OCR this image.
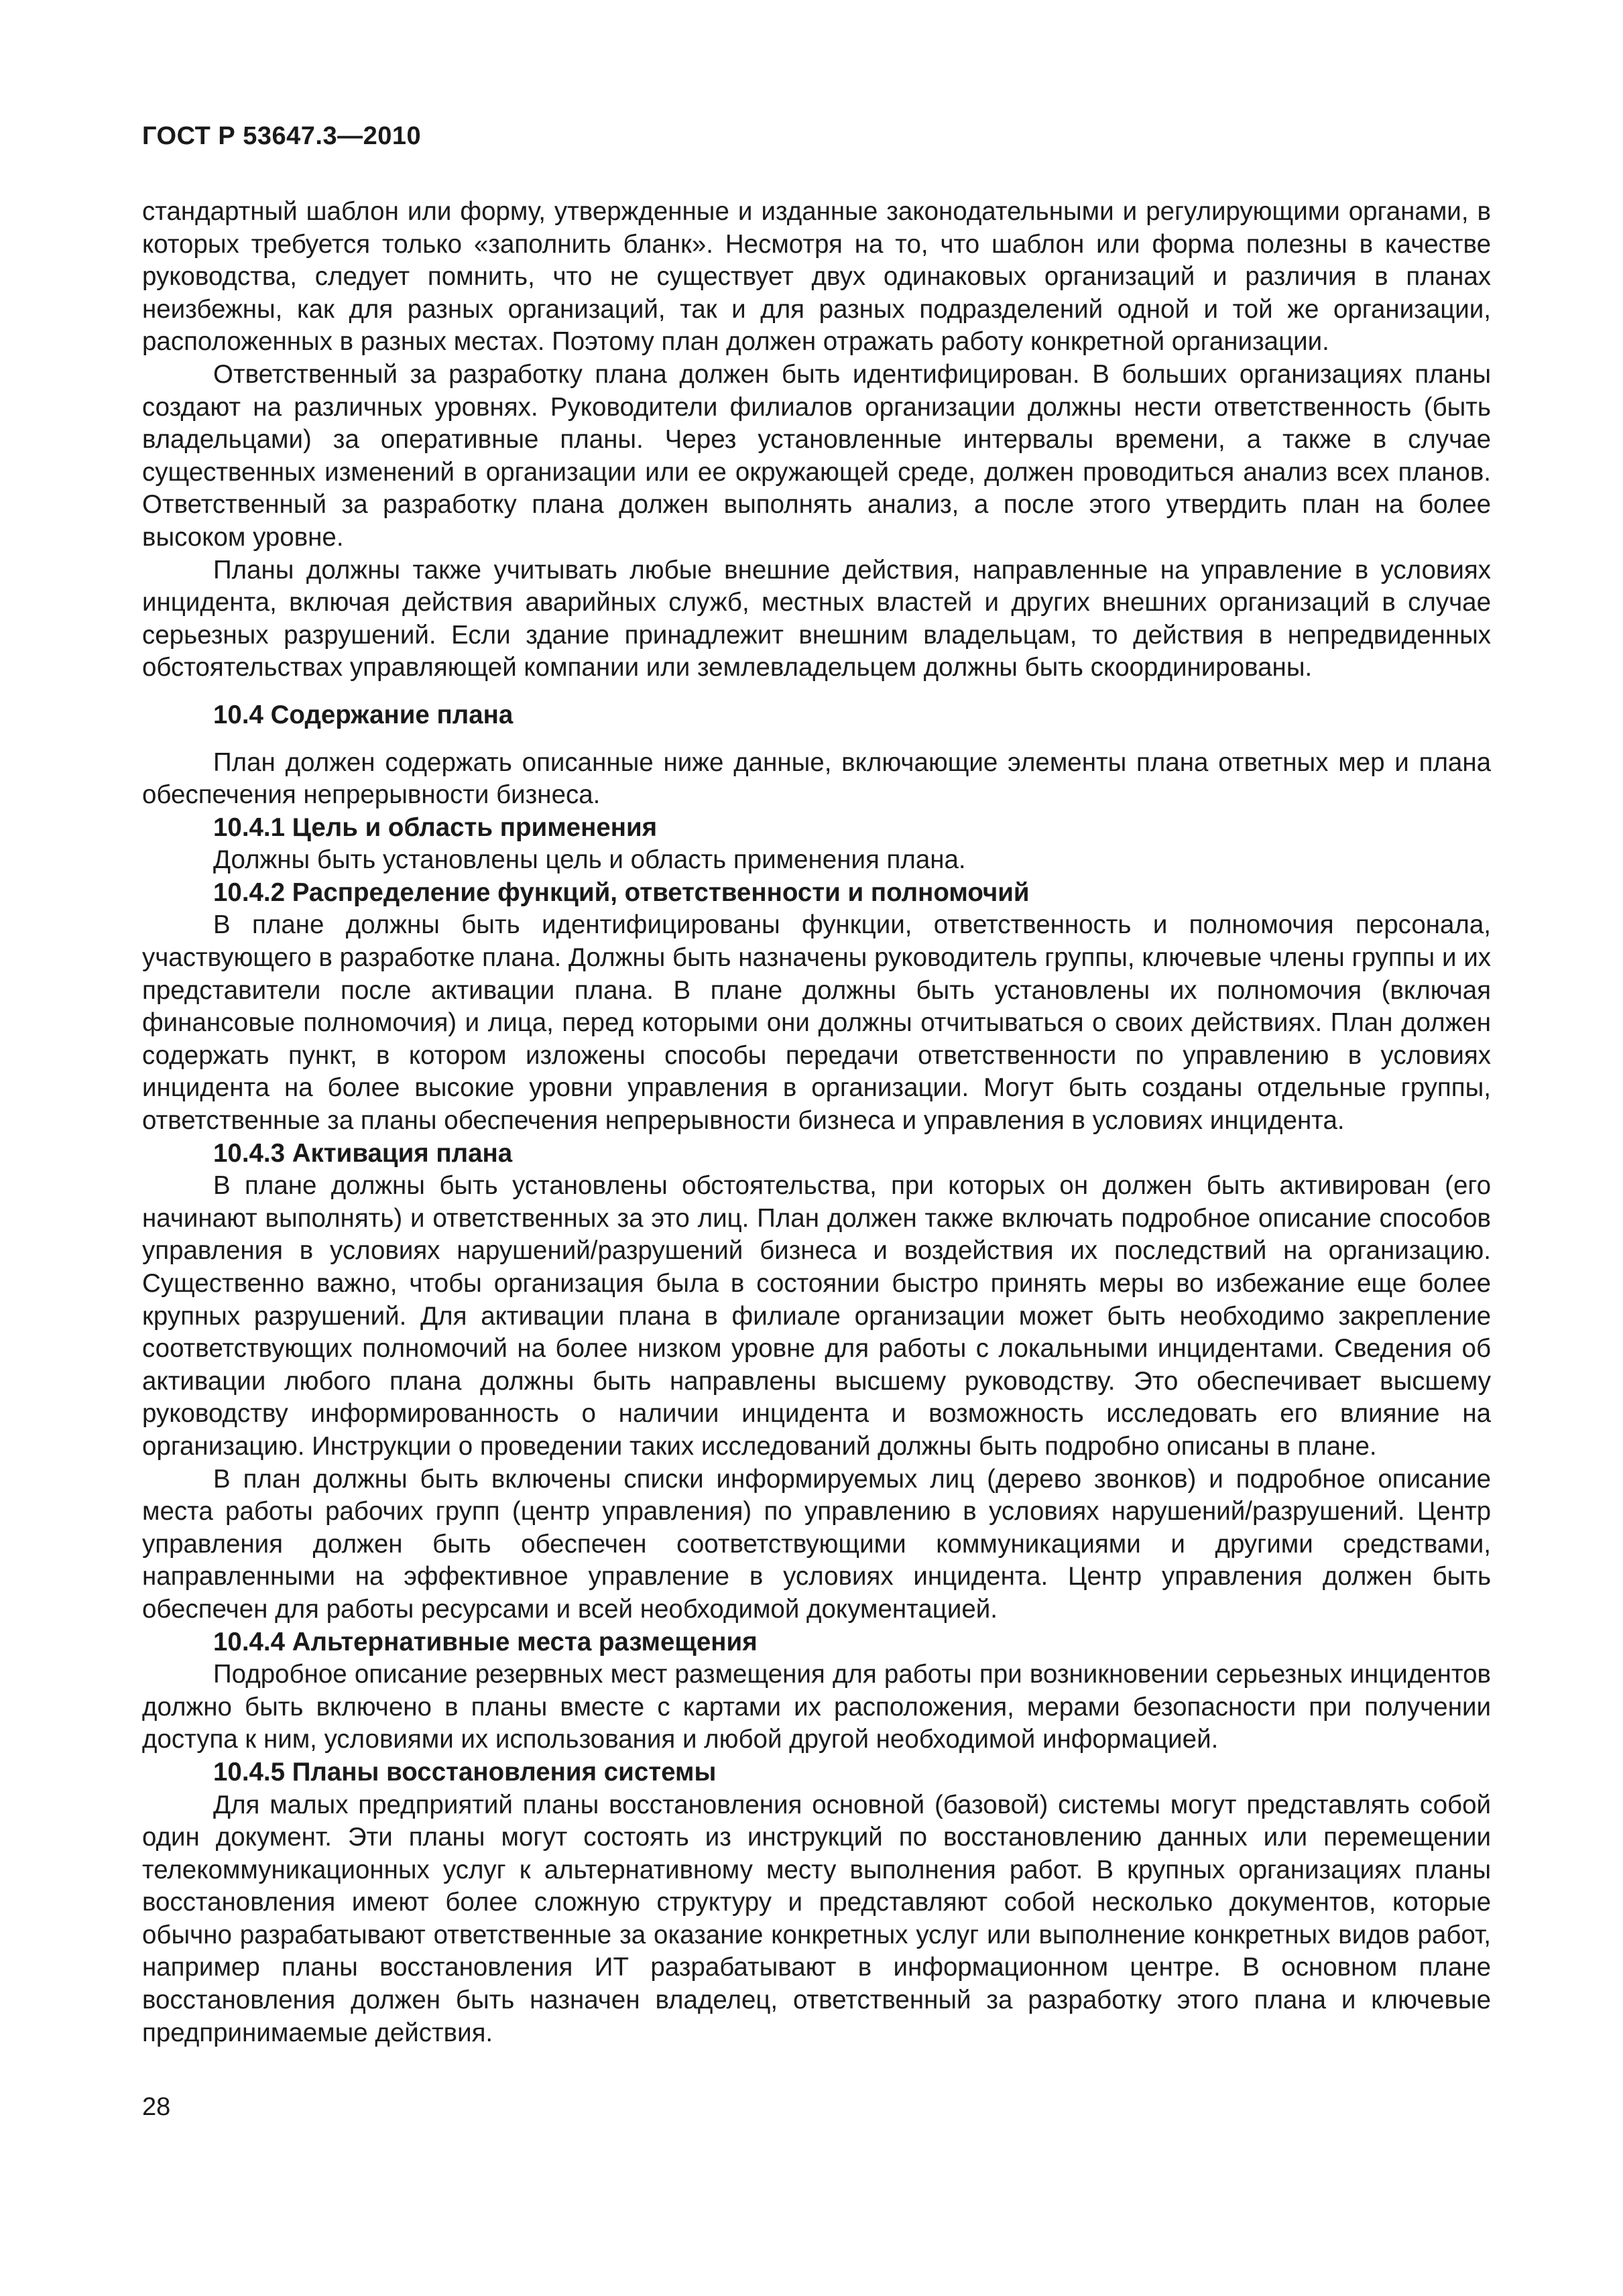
ГОСТ Р 53647.3—2010

стандартный шаблон или форму, утвержденные и изданные законодательными и регулирующими органами, в которых требуется только «заполнить бланк». Несмотря на то, что шаблон или форма полезны в качестве руководства, следует помнить, что не существует двух одинаковых организаций и различия в планах неизбежны, как для разных организаций, так и для разных подразделений одной и той же организации, расположенных в разных местах. Поэтому план должен отражать работу конкретной организации.

Ответственный за разработку плана должен быть идентифицирован. В больших организациях планы создают на различных уровнях. Руководители филиалов организации должны нести ответственность (быть владельцами) за оперативные планы. Через установленные интервалы времени, а также в случае существенных изменений в организации или ее окружающей среде, должен проводиться анализ всех планов. Ответственный за разработку плана должен выполнять анализ, а после этого утвердить план на более высоком уровне.

Планы должны также учитывать любые внешние действия, направленные на управление в условиях инцидента, включая действия аварийных служб, местных властей и других внешних организаций в случае серьезных разрушений. Если здание принадлежит внешним владельцам, то действия в непредвиденных обстоятельствах управляющей компании или землевладельцем должны быть скоординированы.

10.4 Содержание плана

План должен содержать описанные ниже данные, включающие элементы плана ответных мер и плана обеспечения непрерывности бизнеса.

10.4.1 Цель и область применения

Должны быть установлены цель и область применения плана.

10.4.2 Распределение функций, ответственности и полномочий

В плане должны быть идентифицированы функции, ответственность и полномочия персонала, участвующего в разработке плана. Должны быть назначены руководитель группы, ключевые члены группы и их представители после активации плана. В плане должны быть установлены их полномочия (включая финансовые полномочия) и лица, перед которыми они должны отчитываться о своих действиях. План должен содержать пункт, в котором изложены способы передачи ответственности по управлению в условиях инцидента на более высокие уровни управления в организации. Могут быть созданы отдельные группы, ответственные за планы обеспечения непрерывности бизнеса и управления в условиях инцидента.

10.4.3 Активация плана

В плане должны быть установлены обстоятельства, при которых он должен быть активирован (его начинают выполнять) и ответственных за это лиц. План должен также включать подробное описание способов управления в условиях нарушений/разрушений бизнеса и воздействия их последствий на организацию. Существенно важно, чтобы организация была в состоянии быстро принять меры во избежание еще более крупных разрушений. Для активации плана в филиале организации может быть необходимо закрепление соответствующих полномочий на более низком уровне для работы с локальными инцидентами. Сведения об активации любого плана должны быть направлены высшему руководству. Это обеспечивает высшему руководству информированность о наличии инцидента и возможность исследовать его влияние на организацию. Инструкции о проведении таких исследований должны быть подробно описаны в плане.

В план должны быть включены списки информируемых лиц (дерево звонков) и подробное описание места работы рабочих групп (центр управления) по управлению в условиях нарушений/разрушений. Центр управления должен быть обеспечен соответствующими коммуникациями и другими средствами, направленными на эффективное управление в условиях инцидента. Центр управления должен быть обеспечен для работы ресурсами и всей необходимой документацией.

10.4.4 Альтернативные места размещения

Подробное описание резервных мест размещения для работы при возникновении серьезных инцидентов должно быть включено в планы вместе с картами их расположения, мерами безопасности при получении доступа к ним, условиями их использования и любой другой необходимой информацией.

10.4.5 Планы восстановления системы

Для малых предприятий планы восстановления основной (базовой) системы могут представлять собой один документ. Эти планы могут состоять из инструкций по восстановлению данных или перемещении телекоммуникационных услуг к альтернативному месту выполнения работ. В крупных организациях планы восстановления имеют более сложную структуру и представляют собой несколько документов, которые обычно разрабатывают ответственные за оказание конкретных услуг или выполнение конкретных видов работ, например планы восстановления ИТ разрабатывают в информационном центре. В основном плане восстановления должен быть назначен владелец, ответственный за разработку этого плана и ключевые предпринимаемые действия.

28
